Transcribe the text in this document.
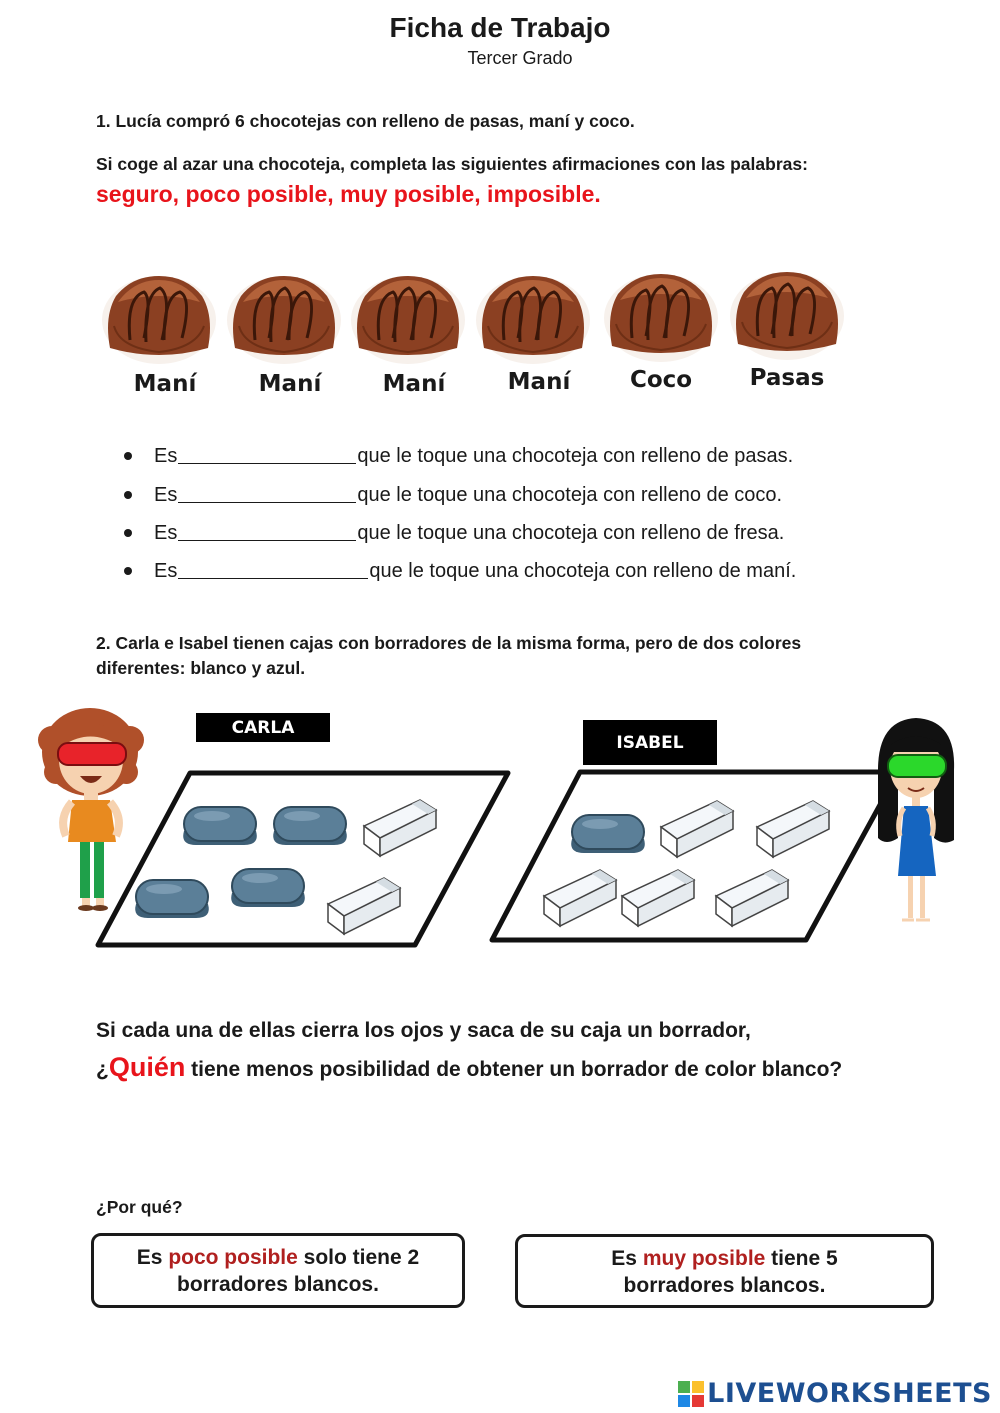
Ficha de Trabajo
Tercer Grado
1. Lucía compró 6 chocotejas con relleno de pasas, maní y coco.
Si coge al azar una chocoteja, completa las siguientes afirmaciones con las palabras:
seguro, poco posible, muy posible, imposible.
Maní	Maní	Maní	Maní	Coco	Pasas
Es	que le toque una chocoteja con relleno de pasas.
Es	que le toque una chocoteja con relleno de coco.
Es	que le toque una chocoteja con relleno de fresa.
Es	que le toque una chocoteja con relleno de maní.
2. Carla e Isabel tienen cajas con borradores de la misma forma, pero de dos colores
diferentes: blanco y azul.
CARLA
ISABEL
Si cada una de ellas cierra los ojos y saca de su caja un borrador,
¿Quién tiene menos posibilidad de obtener un borrador de color blanco?
¿Por qué?
Es poco posible solo tiene 2
borradores blancos.
Es muy posible tiene 5
borradores blancos.
LIVEWORKSHEETS
